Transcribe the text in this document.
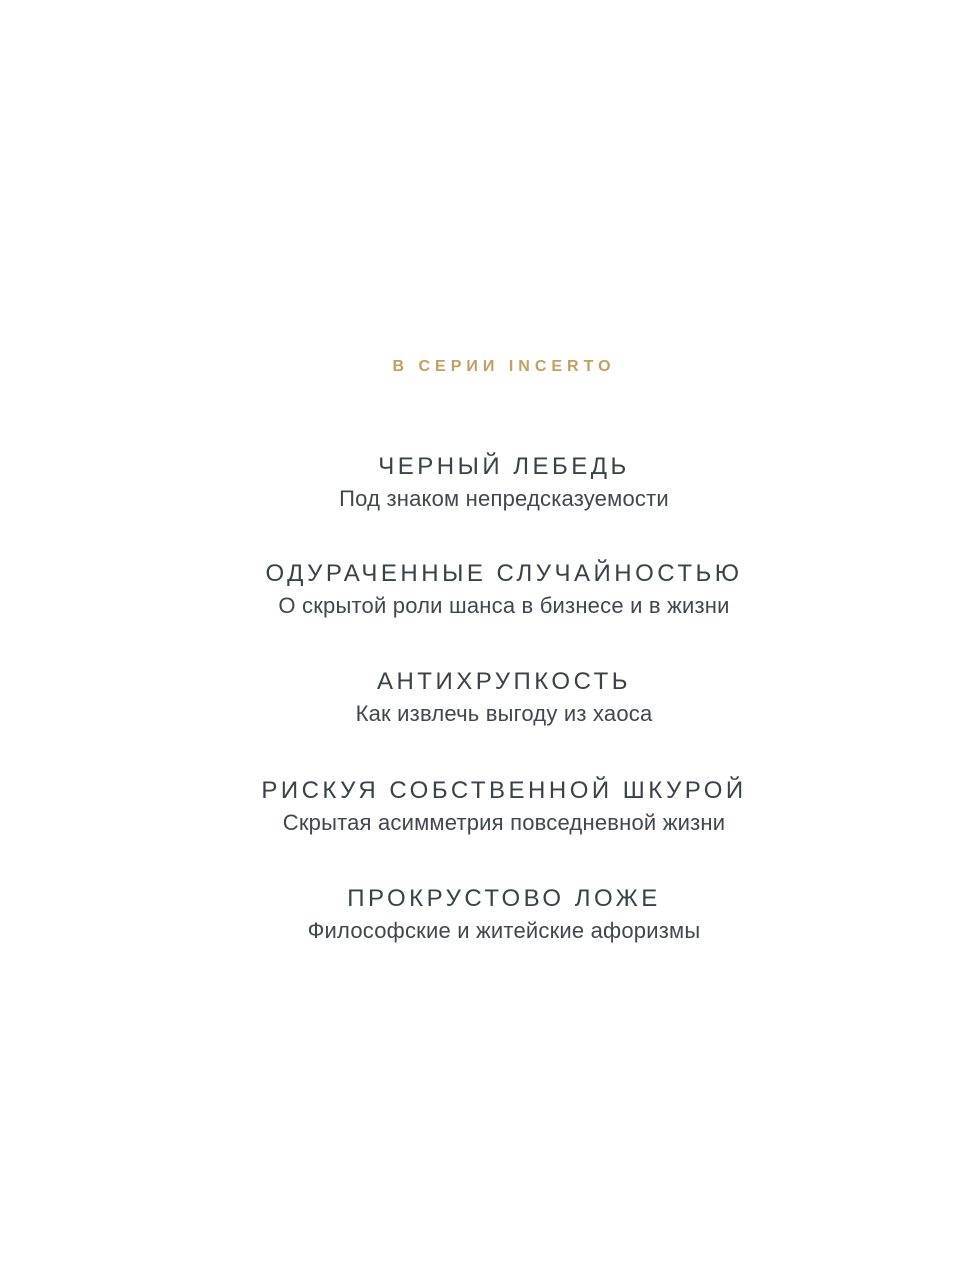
В СЕРИИ INCERTO
ЧЕРНЫЙ ЛЕБЕДЬ
Под знаком непредсказуемости
ОДУРАЧЕННЫЕ СЛУЧАЙНОСТЬЮ
О скрытой роли шанса в бизнесе и в жизни
АНТИХРУПКОСТЬ
Как извлечь выгоду из хаоса
РИСКУЯ СОБСТВЕННОЙ ШКУРОЙ
Скрытая асимметрия повседневной жизни
ПРОКРУСТОВО ЛОЖЕ
Философские и житейские афоризмы
